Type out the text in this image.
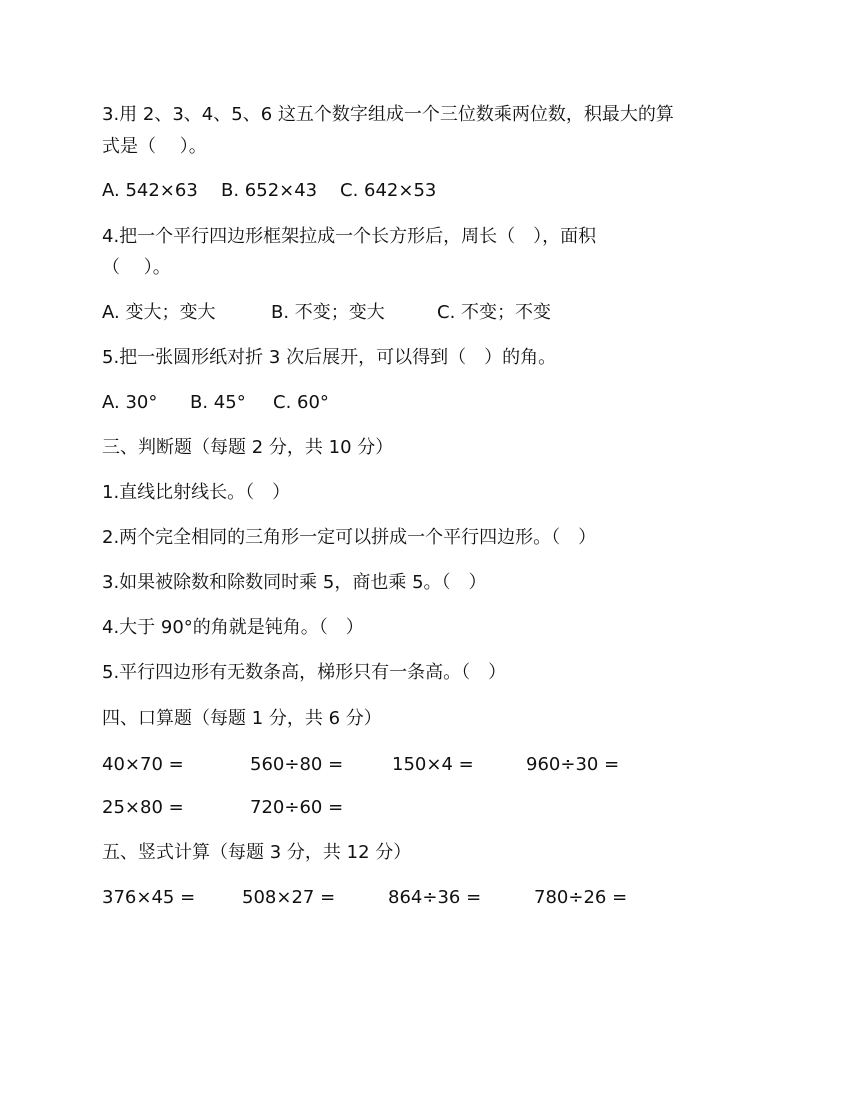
3.用 2、3、4、5、6 这五个数字组成一个三位数乘两位数，积最大的算
式是（　 ）。
A. 542×63 B. 652×43 C. 642×53
4.把一个平行四边形框架拉成一个长方形后，周长（　），面积
（　 ）。
A. 变大；变大	B. 不变；变大	C. 不变；不变
5.把一张圆形纸对折 3 次后展开，可以得到（　）的角。
A. 30° B. 45° C. 60°
三、判断题（每题 2 分，共 10 分）
1.直线比射线长。（　）
2.两个完全相同的三角形一定可以拼成一个平行四边形。（　）
3.如果被除数和除数同时乘 5，商也乘 5。（　）
4.大于 90°的角就是钝角。（　）
5.平行四边形有无数条高，梯形只有一条高。（　）
四、口算题（每题 1 分，共 6 分）
40×70 =	560÷80 =	150×4 =	960÷30 =
25×80 =	720÷60 =
五、竖式计算（每题 3 分，共 12 分）
376×45 =	508×27 =	864÷36 =	780÷26 =
